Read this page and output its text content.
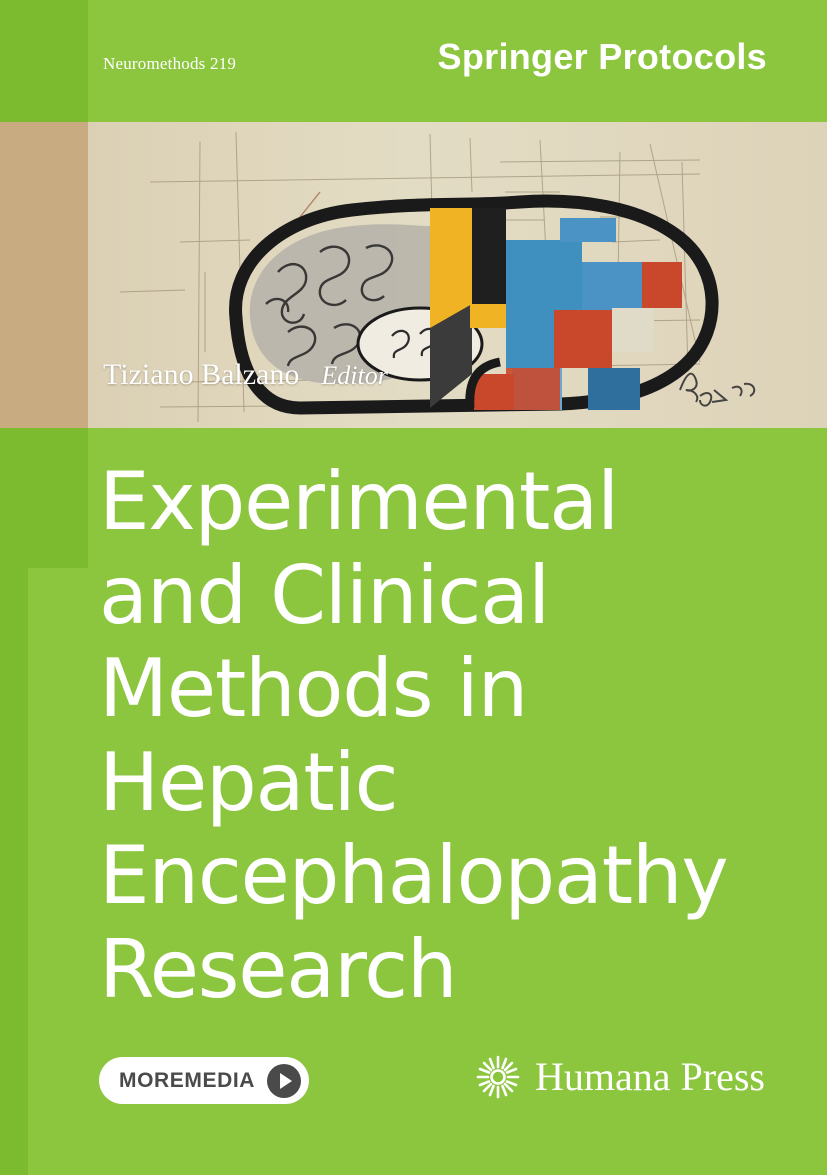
Neuromethods 219	Springer Protocols
Tiziano Balzano Editor
Experimental
and Clinical
Methods in Hepatic
Encephalopathy
Research
MOREMEDIA	Humana Press
